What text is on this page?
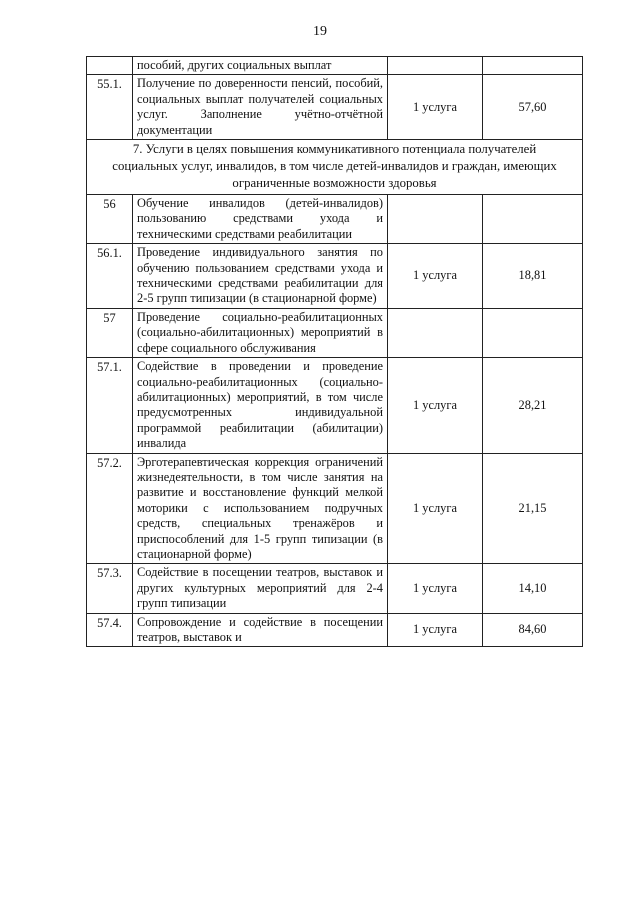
19
	пособий, других социальных выплат		
55.1.	Получение по доверенности пенсий, пособий, социальных выплат получателей социальных услуг. Заполнение учётно-отчётной документации	1 услуга	57,60
7. Услуги в целях повышения коммуникативного потенциала получателей социальных услуг, инвалидов, в том числе детей-инвалидов и граждан, имеющих ограниченные возможности здоровья			
56	Обучение инвалидов (детей-инвалидов) пользованию средствами ухода и техническими средствами реабилитации		
56.1.	Проведение индивидуального занятия по обучению пользованием средствами ухода и техническими средствами реабилитации для 2-5 групп типизации (в стационарной форме)	1 услуга	18,81
57	Проведение социально-реабилитационных (социально-абилитационных) мероприятий в сфере социального обслуживания		
57.1.	Содействие в проведении и проведение социально-реабилитационных (социально-абилитационных) мероприятий, в том числе предусмотренных индивидуальной программой реабилитации (абилитации) инвалида	1 услуга	28,21
57.2.	Эрготерапевтическая коррекция ограничений жизнедеятельности, в том числе занятия на развитие и восстановление функций мелкой моторики с использованием подручных средств, специальных тренажёров и приспособлений для 1-5 групп типизации (в стационарной форме)	1 услуга	21,15
57.3.	Содействие в посещении театров, выставок и других культурных мероприятий для 2-4 групп типизации	1 услуга	14,10
57.4.	Сопровождение и содействие в посещении театров, выставок и	1 услуга	84,60
